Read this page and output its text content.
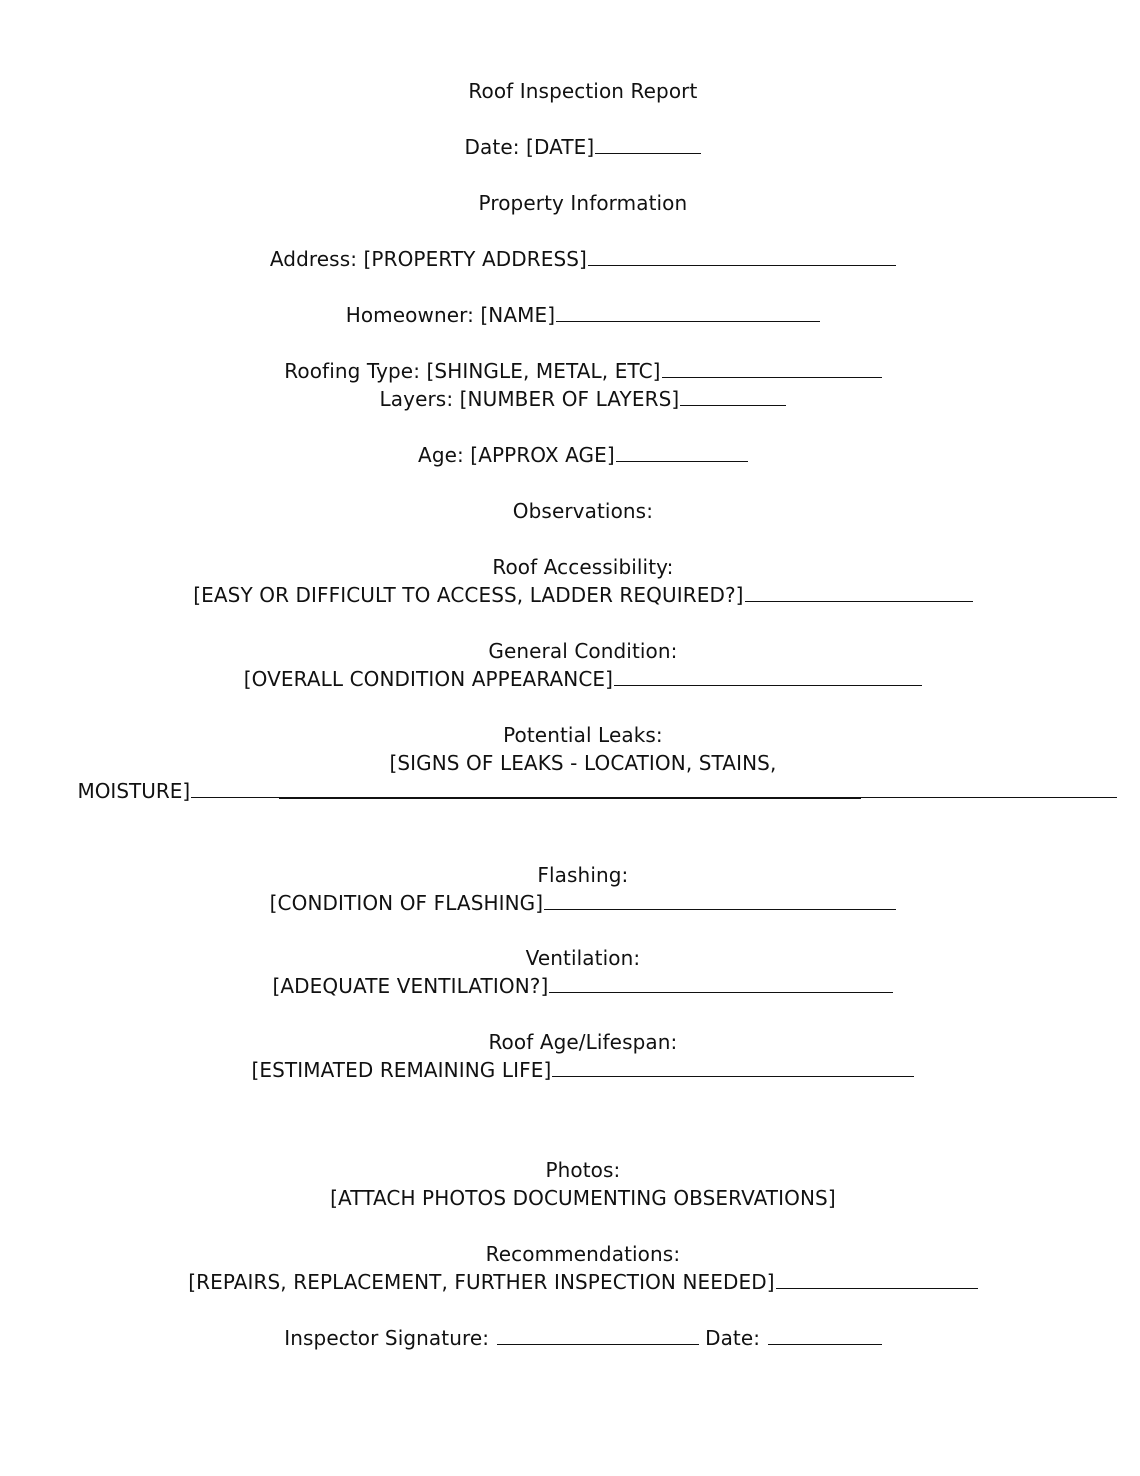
Roof Inspection Report

Date: [DATE]

Property Information

Address: [PROPERTY ADDRESS]

Homeowner: [NAME]

Roofing Type: [SHINGLE, METAL, ETC]

Layers: [NUMBER OF LAYERS]

Age: [APPROX AGE]

Observations:

Roof Accessibility:

[EASY OR DIFFICULT TO ACCESS, LADDER REQUIRED?]

General Condition:

[OVERALL CONDITION APPEARANCE]

Potential Leaks:

[SIGNS OF LEAKS - LOCATION, STAINS,

MOISTURE]

Flashing:

[CONDITION OF FLASHING]

Ventilation:

[ADEQUATE VENTILATION?]

Roof Age/Lifespan:

[ESTIMATED REMAINING LIFE]

Photos:

[ATTACH PHOTOS DOCUMENTING OBSERVATIONS]

Recommendations:

[REPAIRS, REPLACEMENT, FURTHER INSPECTION NEEDED]

Inspector Signature:	Date:
